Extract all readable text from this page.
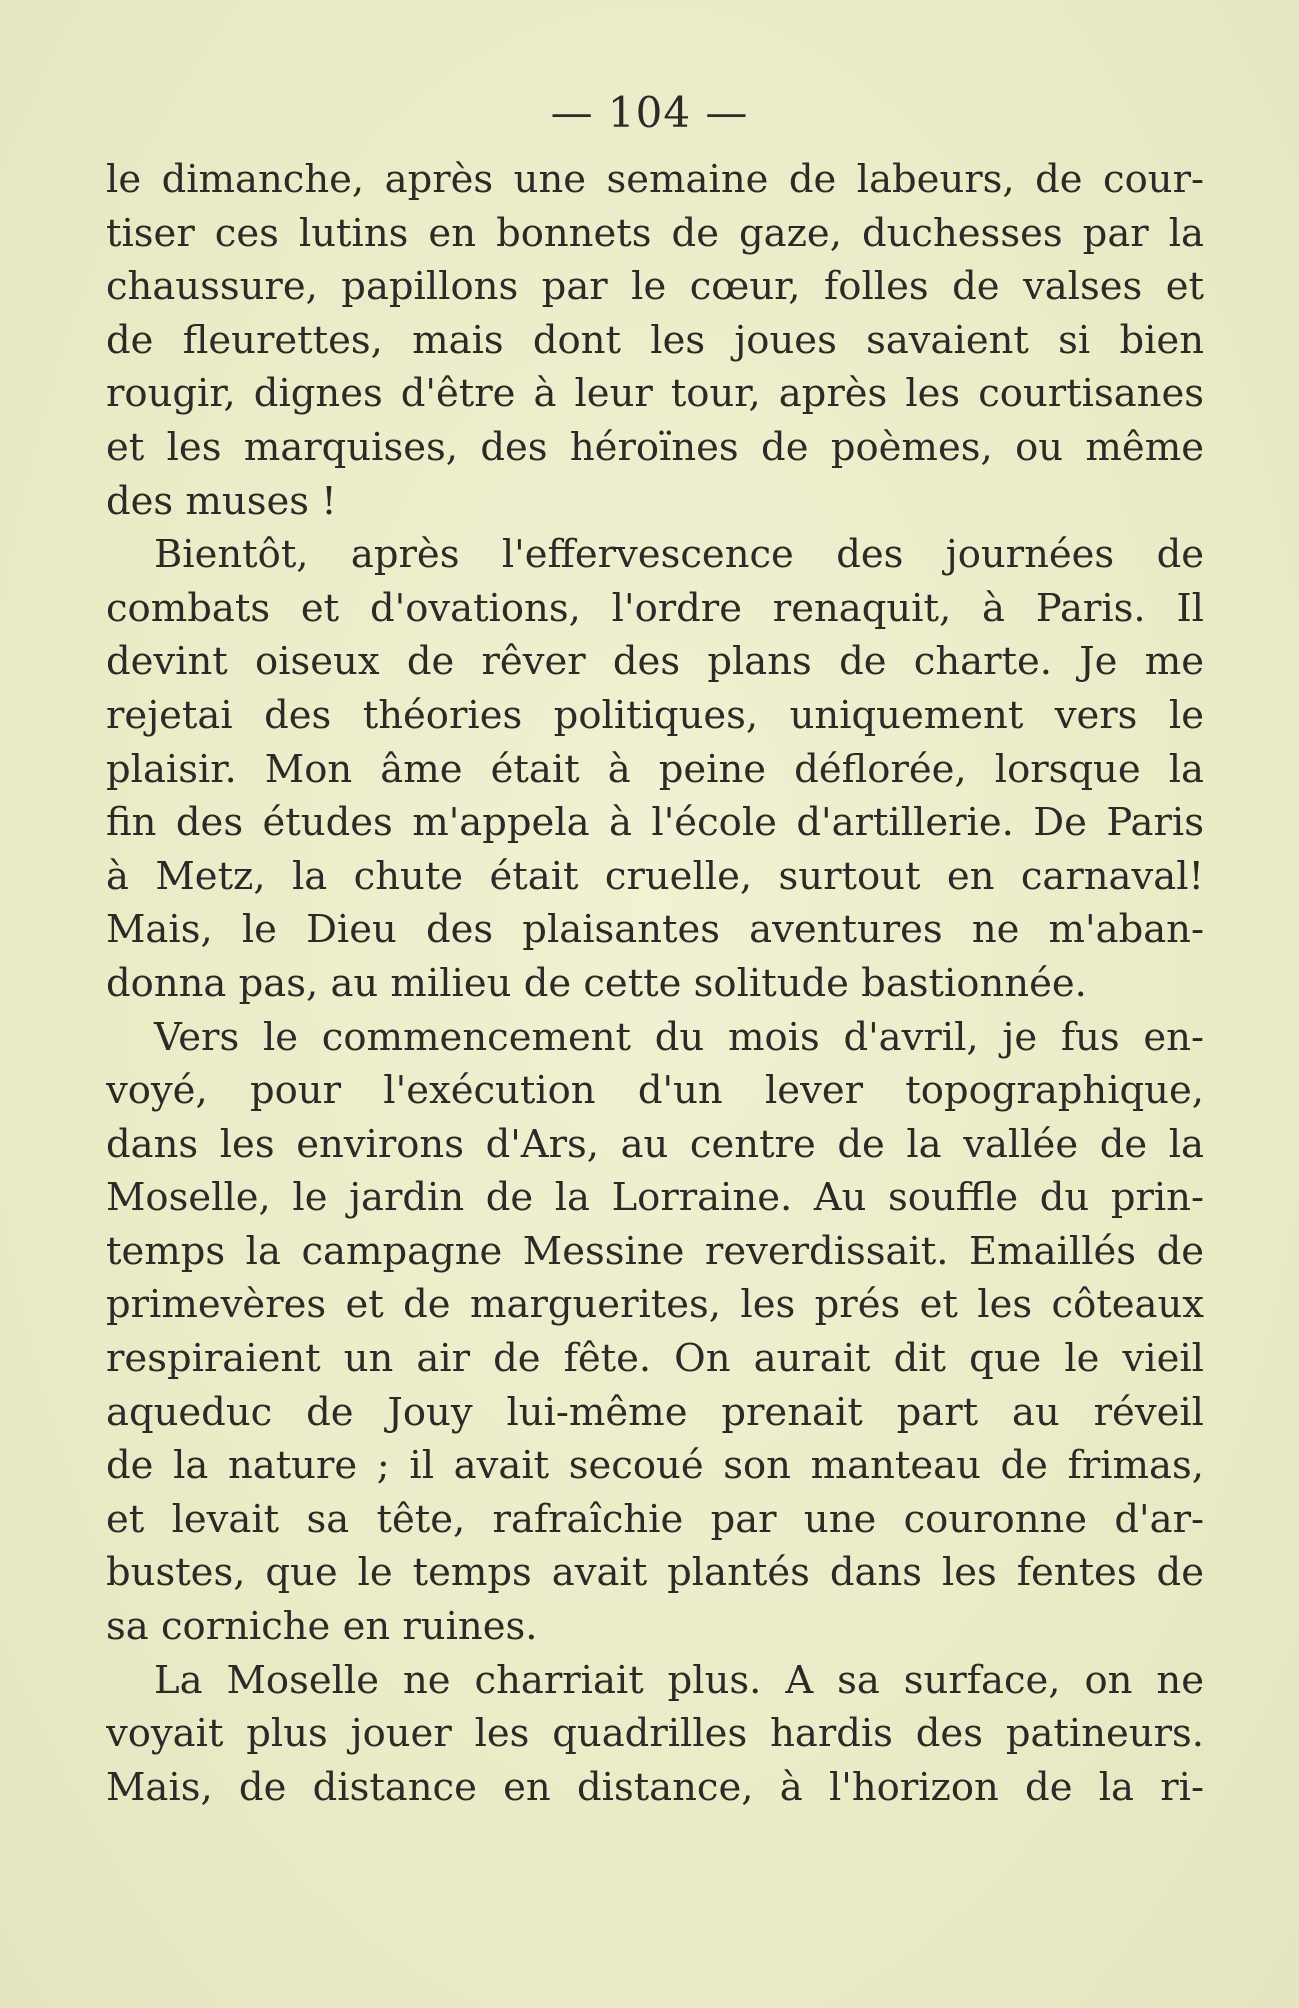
— 104 —
le dimanche, après une semaine de labeurs, de cour-
tiser ces lutins en bonnets de gaze, duchesses par la
chaussure, papillons par le cœur, folles de valses et
de fleurettes, mais dont les joues savaient si bien
rougir, dignes d'être à leur tour, après les courtisanes
et les marquises, des héroïnes de poèmes, ou même
des muses !
Bientôt, après l'effervescence des journées de
combats et d'ovations, l'ordre renaquit, à Paris. Il
devint oiseux de rêver des plans de charte. Je me
rejetai des théories politiques, uniquement vers le
plaisir. Mon âme était à peine déflorée, lorsque la
fin des études m'appela à l'école d'artillerie. De Paris
à Metz, la chute était cruelle, surtout en carnaval!
Mais, le Dieu des plaisantes aventures ne m'aban-
donna pas, au milieu de cette solitude bastionnée.
Vers le commencement du mois d'avril, je fus en-
voyé, pour l'exécution d'un lever topographique,
dans les environs d'Ars, au centre de la vallée de la
Moselle, le jardin de la Lorraine. Au souffle du prin-
temps la campagne Messine reverdissait. Emaillés de
primevères et de marguerites, les prés et les côteaux
respiraient un air de fête. On aurait dit que le vieil
aqueduc de Jouy lui-même prenait part au réveil
de la nature ; il avait secoué son manteau de frimas,
et levait sa tête, rafraîchie par une couronne d'ar-
bustes, que le temps avait plantés dans les fentes de
sa corniche en ruines.
La Moselle ne charriait plus. A sa surface, on ne
voyait plus jouer les quadrilles hardis des patineurs.
Mais, de distance en distance, à l'horizon de la ri-
